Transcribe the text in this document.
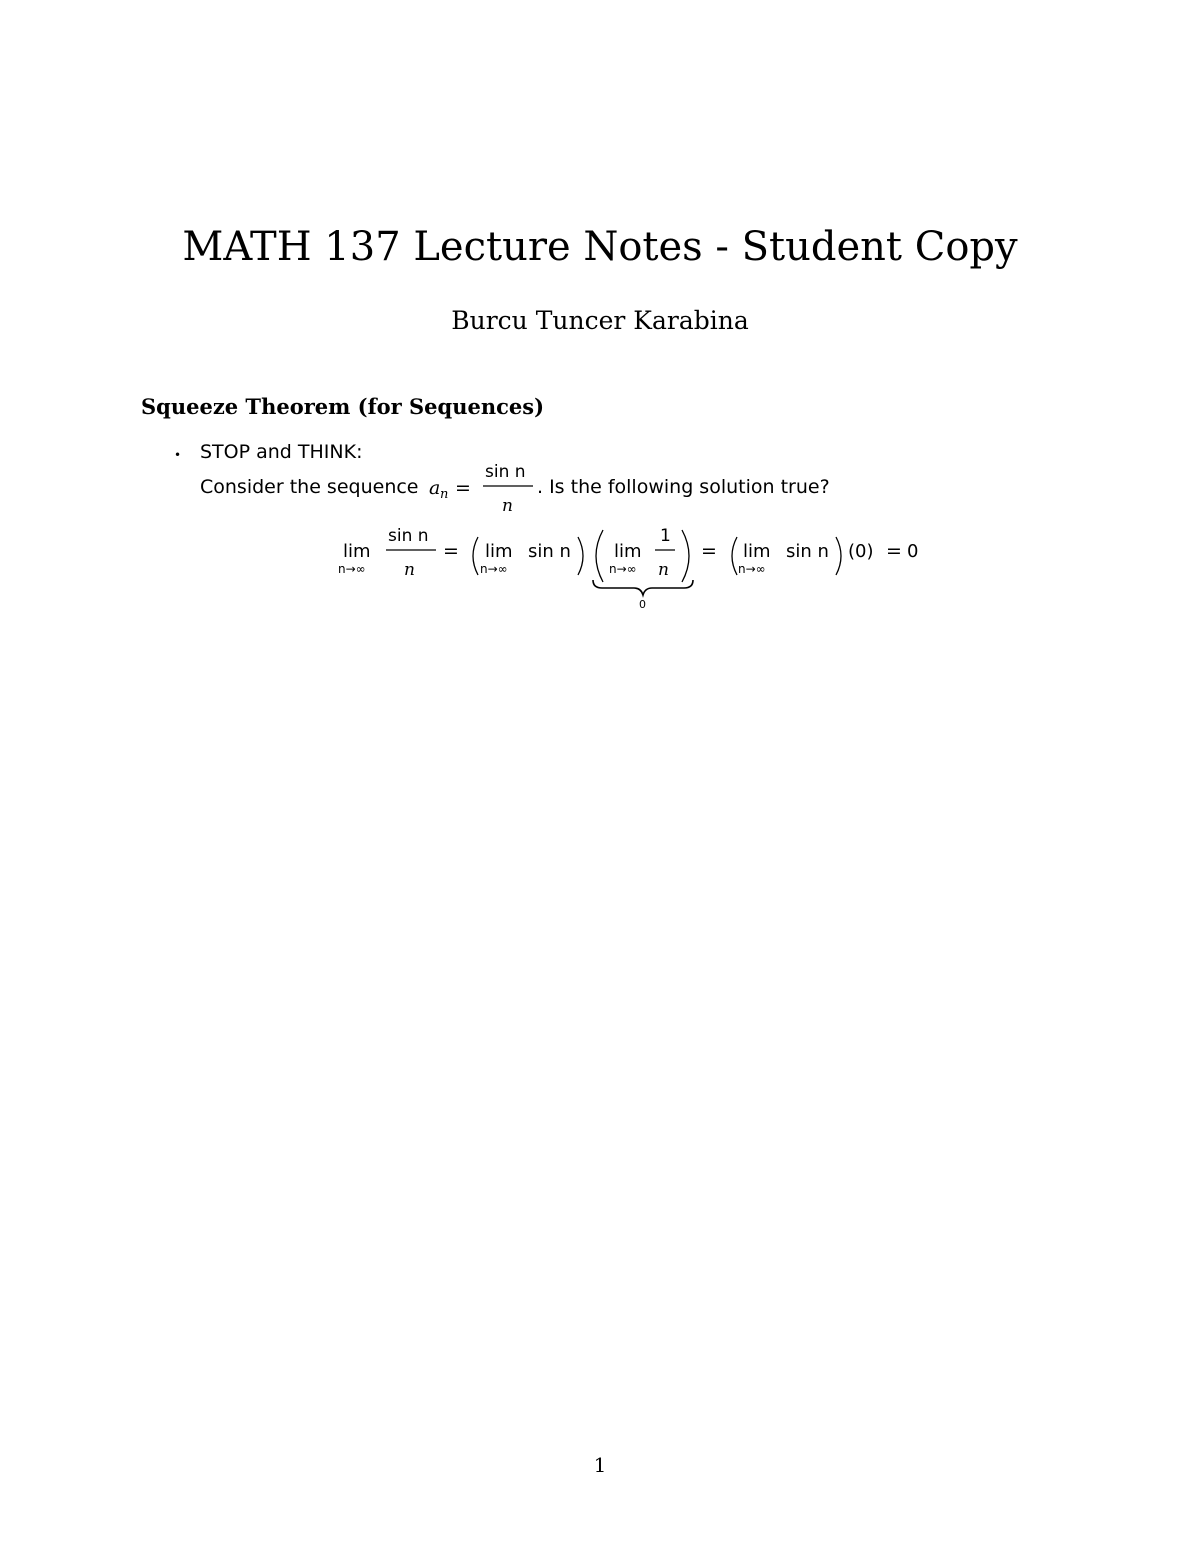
MATH 137 Lecture Notes - Student Copy
Burcu Tuncer Karabina
Squeeze Theorem (for Sequences)
• STOP and THINK:
Consider the sequence	. Is the following solution true?
a n =
sin n
n
lim
n→∞
sin n
n
= lim
n→∞
sin n lim
n→∞
1
n
0
= lim
n→∞
sin n (0) = 0
1
